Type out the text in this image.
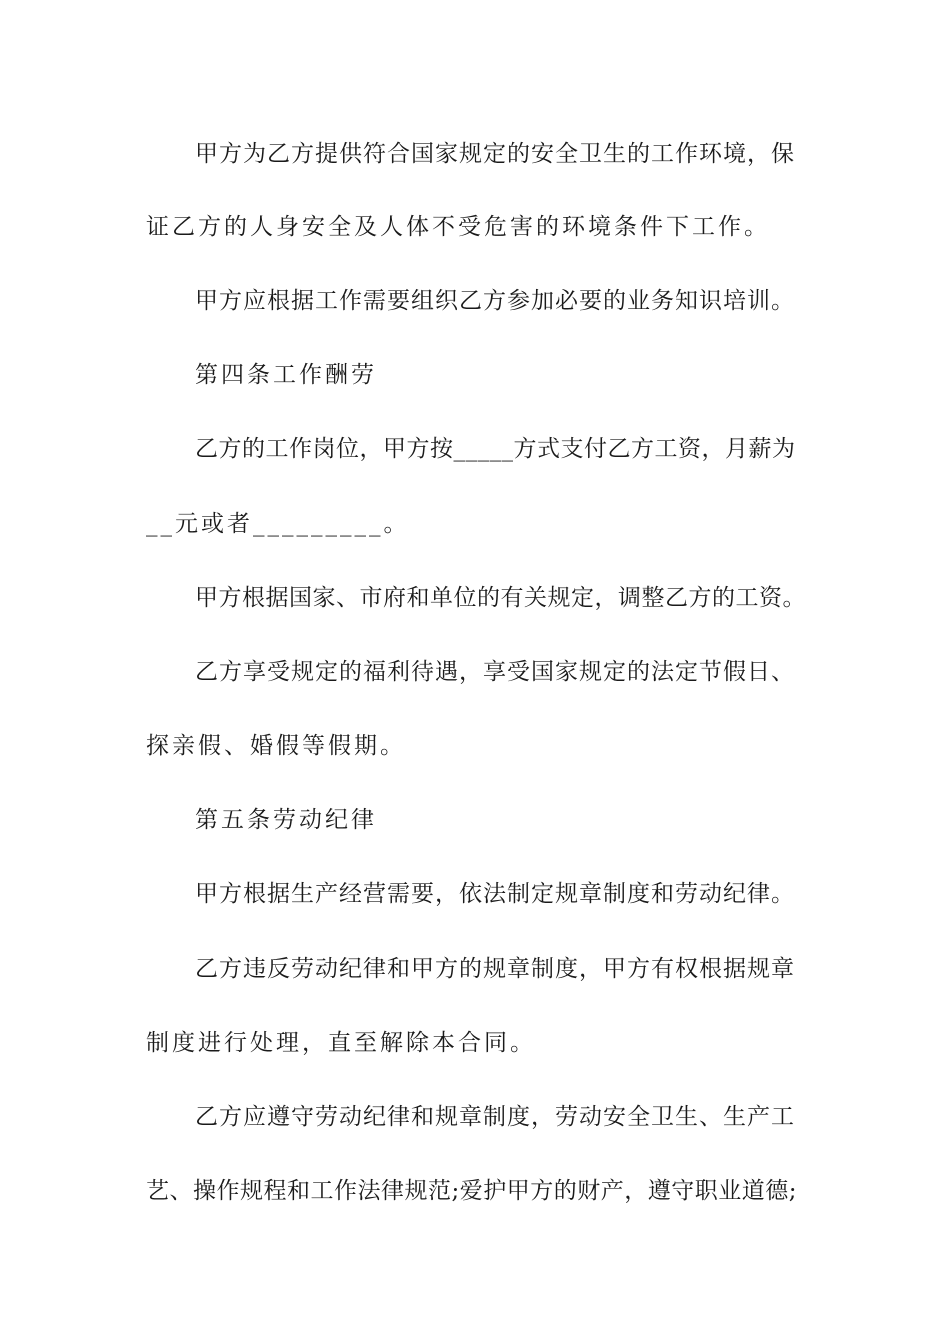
甲方为乙方提供符合国家规定的安全卫生的工作环境，保
证乙方的人身安全及人体不受危害的环境条件下工作。
甲方应根据工作需要组织乙方参加必要的业务知识培训。
第四条工作酬劳
乙方的工作岗位，甲方按_____方式支付乙方工资，月薪为
__元或者_________。
甲方根据国家、市府和单位的有关规定，调整乙方的工资。
乙方享受规定的福利待遇，享受国家规定的法定节假日、
探亲假、婚假等假期。
第五条劳动纪律
甲方根据生产经营需要，依法制定规章制度和劳动纪律。
乙方违反劳动纪律和甲方的规章制度，甲方有权根据规章
制度进行处理，直至解除本合同。
乙方应遵守劳动纪律和规章制度，劳动安全卫生、生产工
艺、操作规程和工作法律规范;爱护甲方的财产，遵守职业道德;
